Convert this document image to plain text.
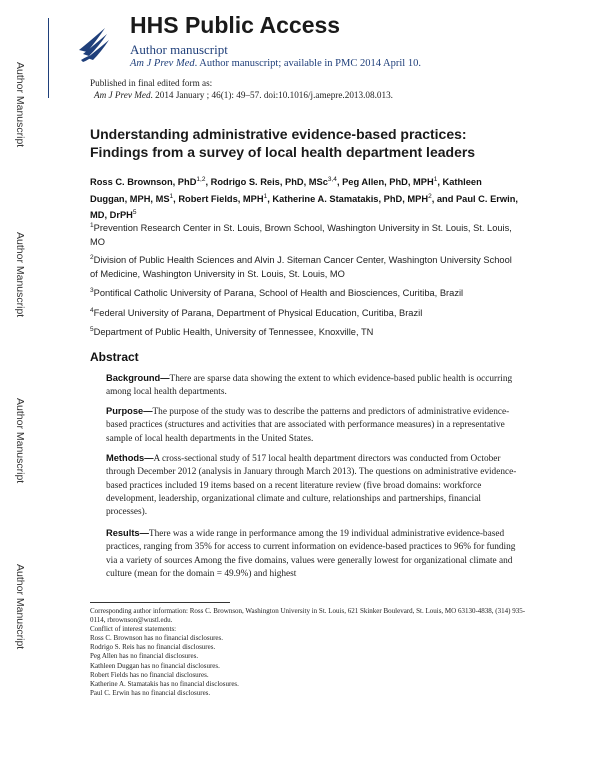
Author Manuscript
Author Manuscript
Author Manuscript
Author Manuscript
HHS Public Access
Author manuscript
Am J Prev Med. Author manuscript; available in PMC 2014 April 10.
Published in final edited form as:
Am J Prev Med. 2014 January ; 46(1): 49–57. doi:10.1016/j.amepre.2013.08.013.
Understanding administrative evidence-based practices:
Findings from a survey of local health department leaders
Ross C. Brownson, PhD$^{1,2}$, Rodrigo S. Reis, PhD, MSc$^{3,4}$, Peg Allen, PhD, MPH$^1$, Kathleen Duggan, MPH, $MS^1$, Robert Fields, MPH$^1$, Katherine A. Stamatakis, PhD, MPH$^2$, and Paul C. Erwin, MD, DrPH$^5$
$^1$Prevention Research Center in St. Louis, Brown School, Washington University in St. Louis, St. Louis, MO
$^2$Division of Public Health Sciences and Alvin J. Siteman Cancer Center, Washington University School of Medicine, Washington University in St. Louis, St. Louis, MO
$^3$Pontifical Catholic University of Parana, School of Health and Biosciences, Curitiba, Brazil
$^4$Federal University of Parana, Department of Physical Education, Curitiba, Brazil
$^5$Department of Public Health, University of Tennessee, Knoxville, TN
Abstract
Background—There are sparse data showing the extent to which evidence-based public health is occurring among local health departments.
Purpose—The purpose of the study was to describe the patterns and predictors of administrative evidence-based practices (structures and activities that are associated with performance measures) in a representative sample of local health departments in the United States.
Methods—A cross-sectional study of 517 local health department directors was conducted from October through December 2012 (analysis in January through March 2013). The questions on administrative evidence-based practices included 19 items based on a recent literature review (five broad domains: workforce development, leadership, organizational climate and culture, relationships and partnerships, financial processes).
Results—There was a wide range in performance among the 19 individual administrative evidence-based practices, ranging from 35% for access to current information on evidence-based practices to 96% for funding via a variety of sources Among the five domains, values were generally lowest for organizational climate and culture (mean for the domain = 49.9%) and highest
Corresponding author information: Ross C. Brownson, Washington University in St. Louis, 621 Skinker Boulevard, St. Louis, MO 63130-4838, (314) 935-0114, rbrownson@wustl.edu.
Conflict of interest statements:
Ross C. Brownson has no financial disclosures.
Rodrigo S. Reis has no financial disclosures.
Peg Allen has no financial disclosures.
Kathleen Duggan has no financial disclosures.
Robert Fields has no financial disclosures.
Katherine A. Stamatakis has no financial disclosures.
Paul C. Erwin has no financial disclosures.
